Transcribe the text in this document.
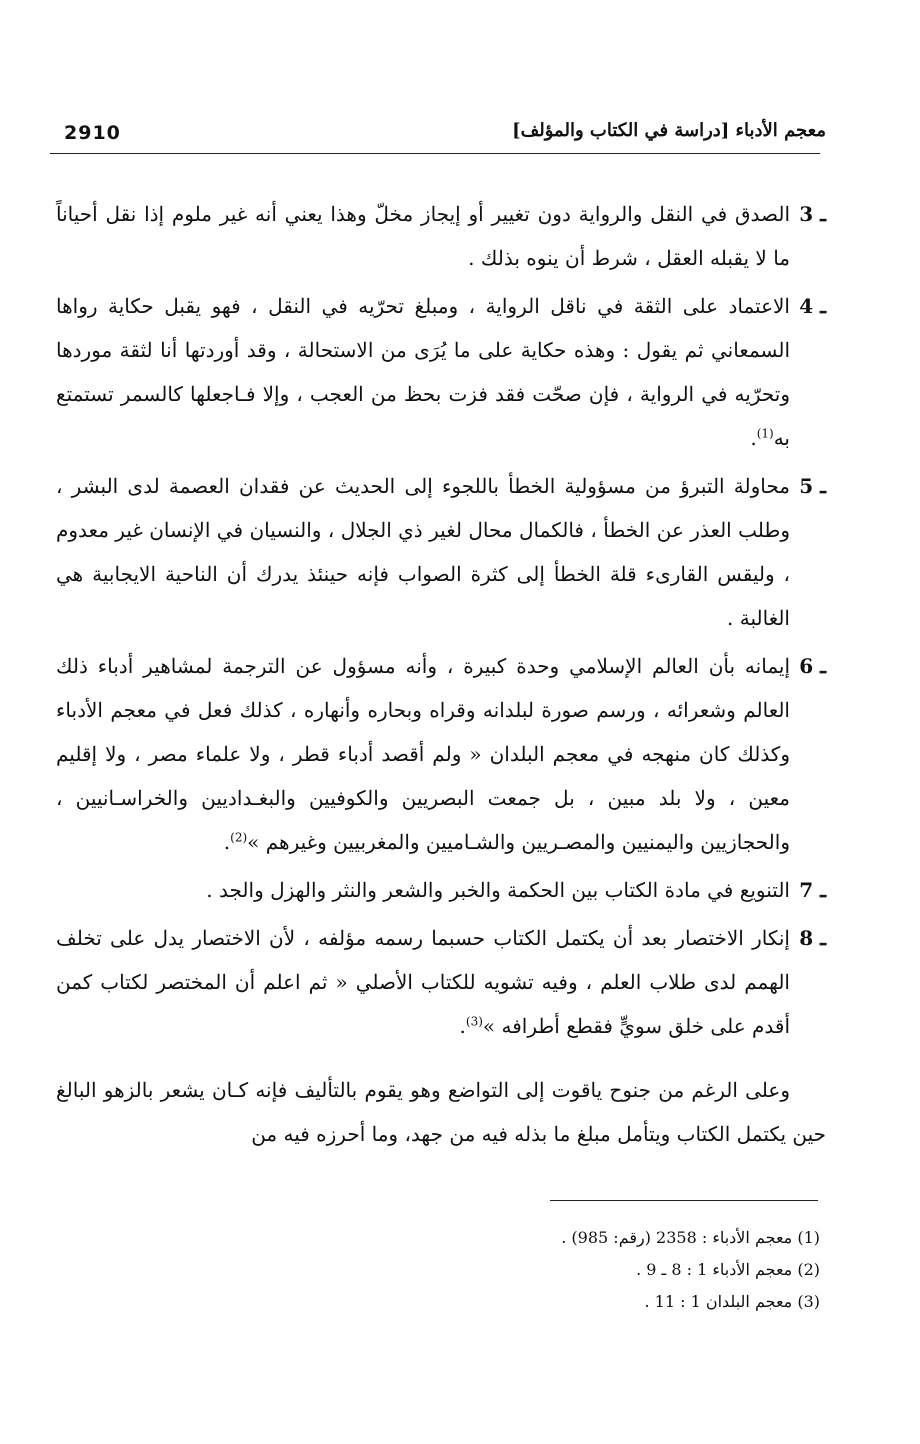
2910	معجم الأدباء [دراسة في الكتاب والمؤلف]
3 ـ
الصدق في النقل والرواية دون تغيير أو إيجاز مخلّ وهذا يعني أنه غير ملوم إذا نقل أحياناً ما لا يقبله العقل ، شرط أن ينوه بذلك .
4 ـ
الاعتماد على الثقة في ناقل الرواية ، ومبلغ تحرّيه في النقل ، فهو يقبل حكاية رواها السمعاني ثم يقول : وهذه حكاية على ما يُرَى من الاستحالة ، وقد أوردتها أنا لثقة موردها وتحرّيه في الرواية ، فإن صحّت فقد فزت بحظ من العجب ، وإلا فـاجعلها كالسمر تستمتع به$^{(1)}$.
5 ـ
محاولة التبرؤ من مسؤولية الخطأ باللجوء إلى الحديث عن فقدان العصمة لدى البشر ، وطلب العذر عن الخطأ ، فالكمال محال لغير ذي الجلال ، والنسيان في الإنسان غير معدوم ، وليقس القارىء قلة الخطأ إلى كثرة الصواب فإنه حينئذ يدرك أن الناحية الايجابية هي الغالبة .
6 ـ
إيمانه بأن العالم الإسلامي وحدة كبيرة ، وأنه مسؤول عن الترجمة لمشاهير أدباء ذلك العالم وشعرائه ، ورسم صورة لبلدانه وقراه وبحاره وأنهاره ، كذلك فعل في معجم الأدباء وكذلك كان منهجه في معجم البلدان « ولم أقصد أدباء قطر ، ولا علماء مصر ، ولا إقليم معين ، ولا بلد مبين ، بل جمعت البصريين والكوفيين والبغـداديين والخراسـانيين ، والحجازيين واليمنيين والمصـريين والشـاميين والمغربيين وغيرهم »$^{(2)}$.
7 ـ
التنويع في مادة الكتاب بين الحكمة والخبر والشعر والنثر والهزل والجد .
8 ـ
إنكار الاختصار بعد أن يكتمل الكتاب حسبما رسمه مؤلفه ، لأن الاختصار يدل على تخلف الهمم لدى طلاب العلم ، وفيه تشويه للكتاب الأصلي « ثم اعلم أن المختصر لكتاب كمن أقدم على خلق سويٍّ فقطع أطرافه »$^{(3)}$.
وعلى الرغم من جنوح ياقوت إلى التواضع وهو يقوم بالتأليف فإنه كـان يشعر بالزهو البالغ حين يكتمل الكتاب ويتأمل مبلغ ما بذله فيه من جهد، وما أحرزه فيه من
(1) معجم الأدباء : 2358 (رقم: 985) .
(2) معجم الأدباء 1 : 8 ـ 9 .
(3) معجم البلدان 1 : 11 .
